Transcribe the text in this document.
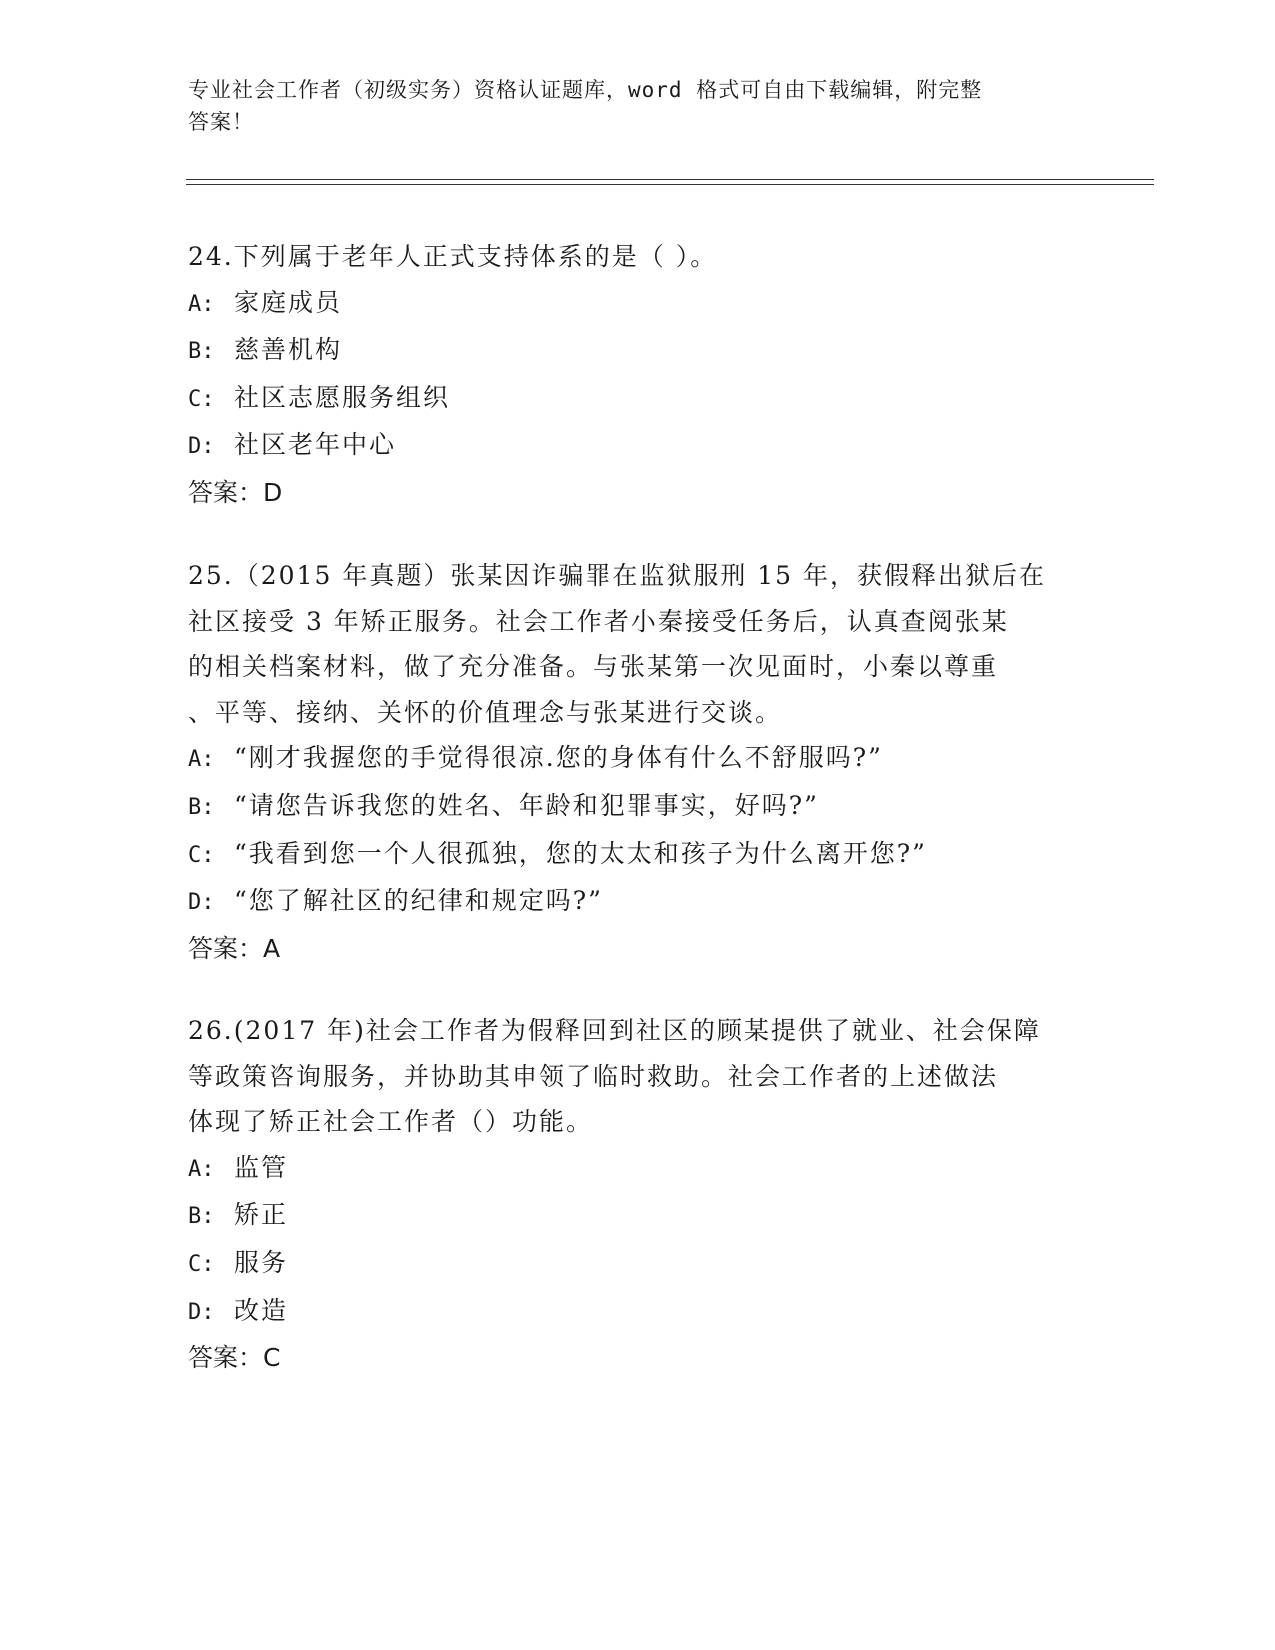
专业社会工作者（初级实务）资格认证题库，word 格式可自由下载编辑，附完整
答案！

24.下列属于老年人正式支持体系的是（ ）。

A: 家庭成员

B: 慈善机构

C: 社区志愿服务组织

D: 社区老年中心

答案：D

25.（2015 年真题）张某因诈骗罪在监狱服刑 15 年，获假释出狱后在

社区接受 3 年矫正服务。社会工作者小秦接受任务后，认真查阅张某

的相关档案材料，做了充分准备。与张某第一次见面时，小秦以尊重

、平等、接纳、关怀的价值理念与张某进行交谈。

A: “刚才我握您的手觉得很凉.您的身体有什么不舒服吗?”

B: “请您告诉我您的姓名、年龄和犯罪事实，好吗?”

C: “我看到您一个人很孤独，您的太太和孩子为什么离开您?”

D: “您了解社区的纪律和规定吗?”

答案：A

26.(2017 年)社会工作者为假释回到社区的顾某提供了就业、社会保障

等政策咨询服务，并协助其申领了临时救助。社会工作者的上述做法

体现了矫正社会工作者（）功能。

A: 监管

B: 矫正

C: 服务

D: 改造

答案：C
